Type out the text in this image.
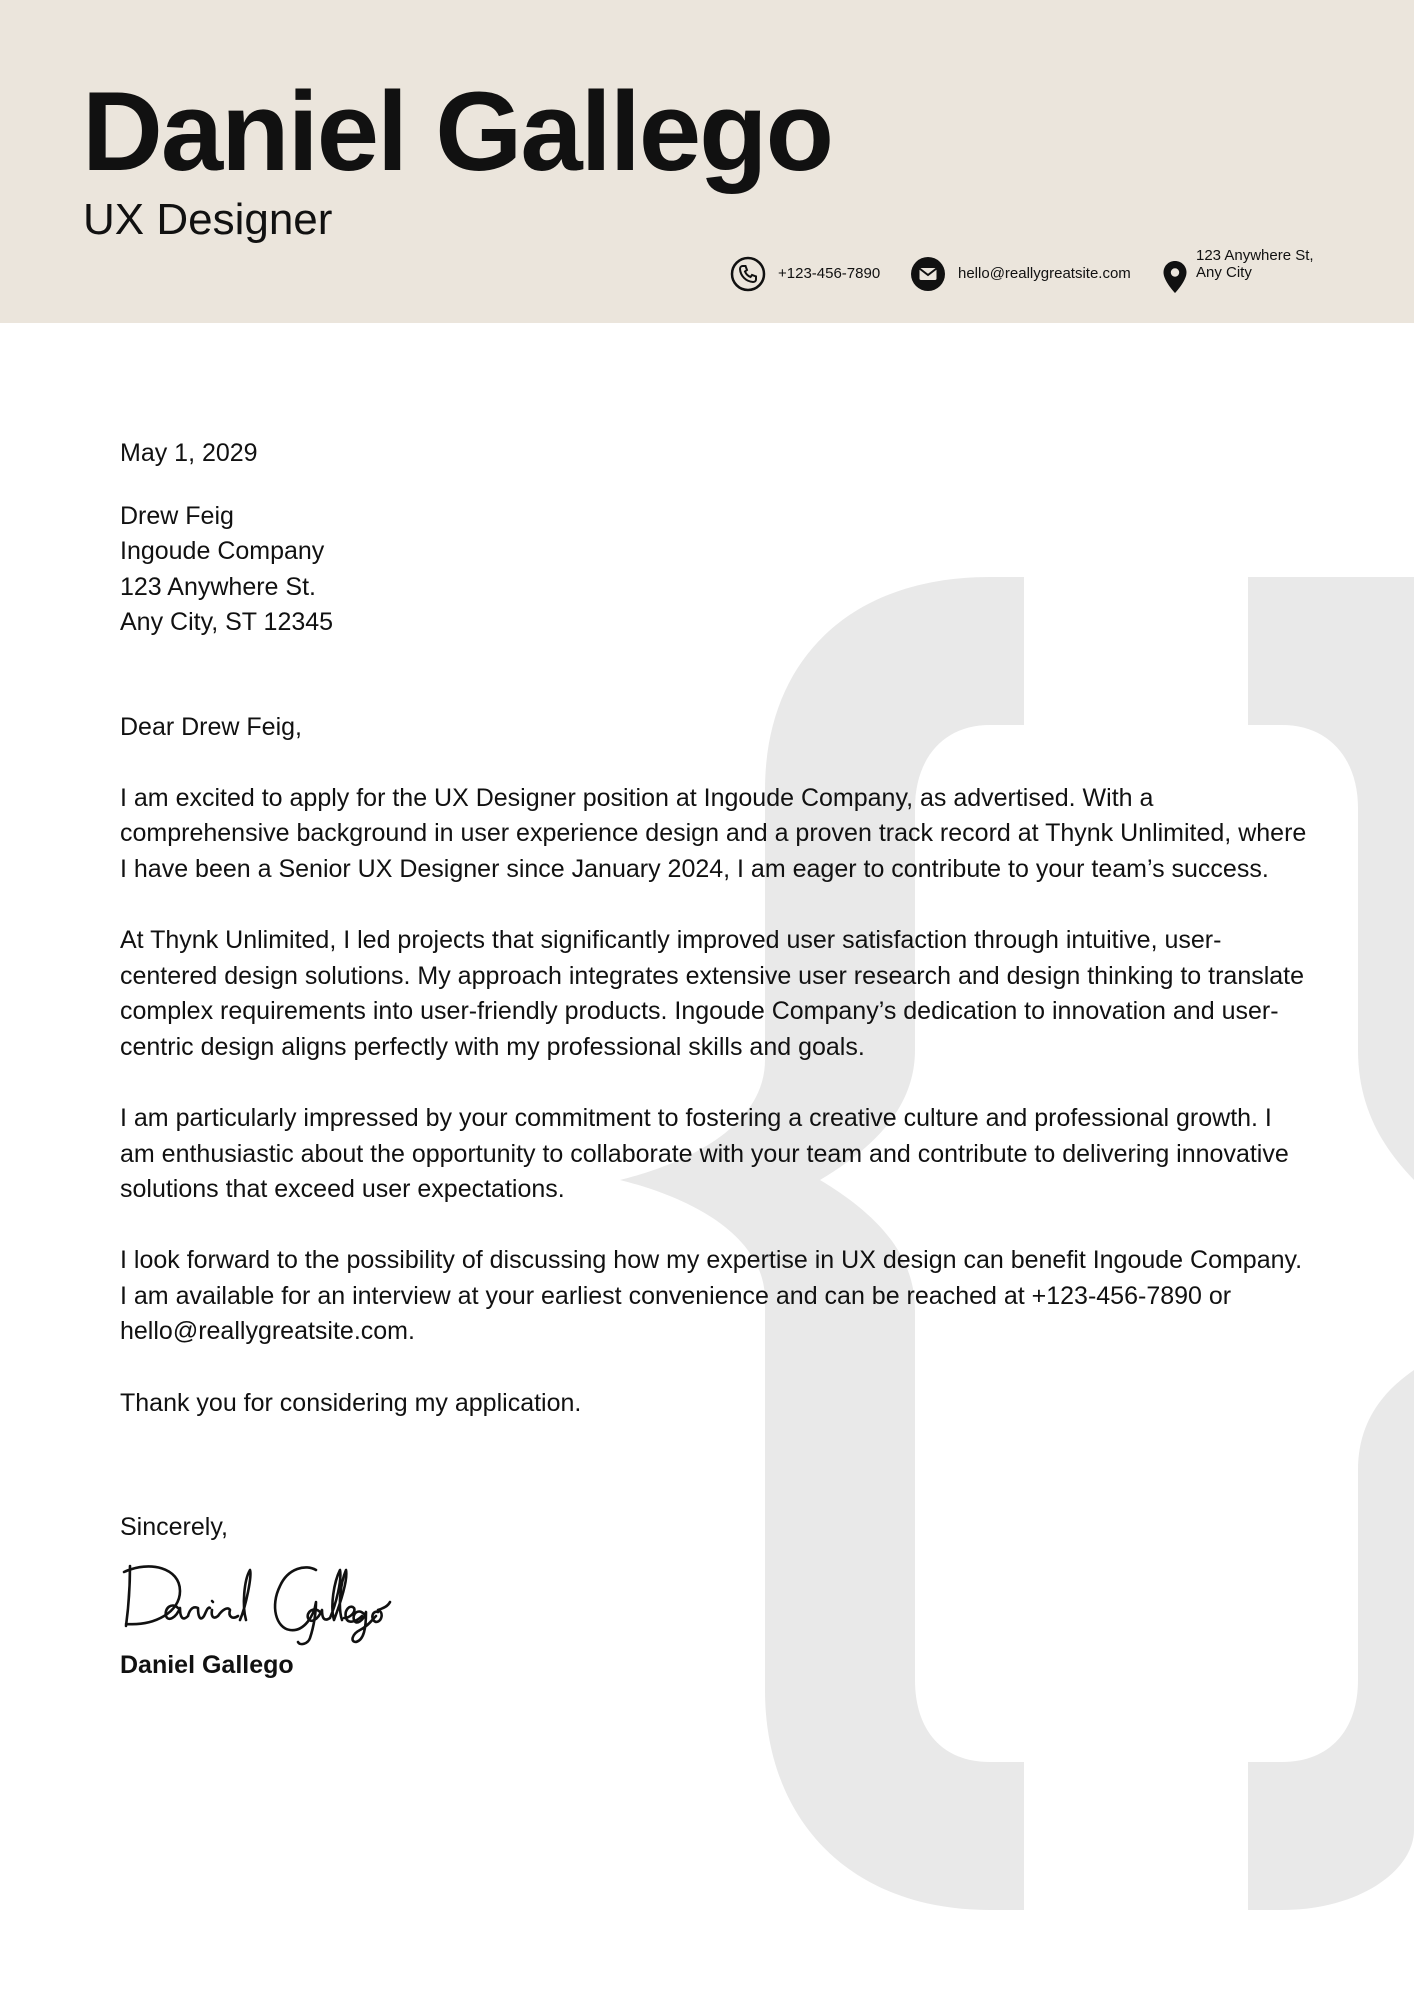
Daniel Gallego
UX Designer
+123-456-7890	hello@reallygreatsite.com
123 Anywhere St, Any City

May 1, 2029

Drew Feig

Ingoude Company

123 Anywhere St.

Any City, ST 12345

Dear Drew Feig,

I am excited to apply for the UX Designer position at Ingoude Company, as advertised. With a comprehensive background in user experience design and a proven track record at Thynk Unlimited, where I have been a Senior UX Designer since January 2024, I am eager to contribute to your team’s success.

At Thynk Unlimited, I led projects that significantly improved user satisfaction through intuitive, user-centered design solutions. My approach integrates extensive user research and design thinking to translate complex requirements into user-friendly products. Ingoude Company’s dedication to innovation and user-centric design aligns perfectly with my professional skills and goals.

I am particularly impressed by your commitment to fostering a creative culture and professional growth. I am enthusiastic about the opportunity to collaborate with your team and contribute to delivering innovative solutions that exceed user expectations.

I look forward to the possibility of discussing how my expertise in UX design can benefit Ingoude Company. I am available for an interview at your earliest convenience and can be reached at +123-456-7890 or hello@reallygreatsite.com.

Thank you for considering my application.

Sincerely,

Daniel Gallego
